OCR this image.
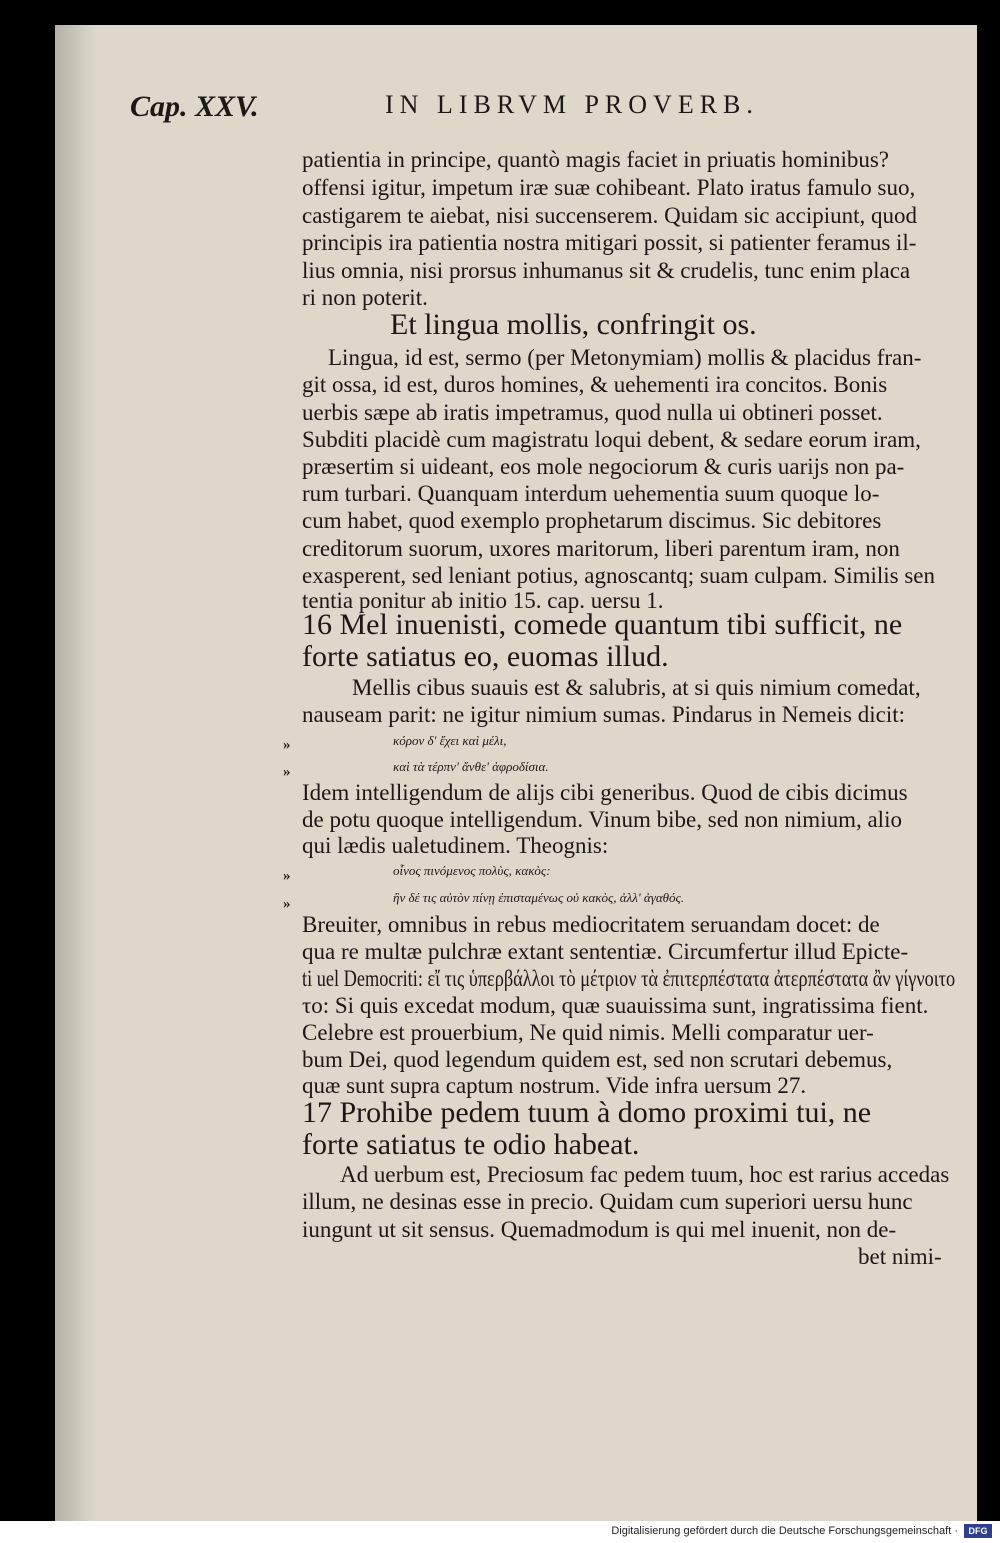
Cap. XXV.	IN LIBRVM PROVERB.
patientia in principe, quantò magis faciet in priuatis hominibus?
offensi igitur, impetum iræ suæ cohibeant. Plato iratus famulo suo,
castigarem te aiebat, nisi succenserem. Quidam sic accipiunt, quod
principis ira patientia nostra mitigari possit, si patienter feramus il-
lius omnia, nisi prorsus inhumanus sit & crudelis, tunc enim placa
ri non poterit.
Et lingua mollis, confringit os.
Lingua, id est, sermo (per Metonymiam) mollis & placidus fran-
git ossa, id est, duros homines, & uehementi ira concitos. Bonis
uerbis sæpe ab iratis impetramus, quod nulla ui obtineri posset.
Subditi placidè cum magistratu loqui debent, & sedare eorum iram,
præsertim si uideant, eos mole negociorum & curis uarijs non pa-
rum turbari. Quanquam interdum uehementia suum quoque lo-
cum habet, quod exemplo prophetarum discimus. Sic debitores
creditorum suorum, uxores maritorum, liberi parentum iram, non
exasperent, sed leniant potius, agnoscantq; suam culpam. Similis sen
tentia ponitur ab initio 15. cap. uersu 1.
16 Mel inuenisti, comede quantum tibi sufficit, ne
forte satiatus eo, euomas illud.
Mellis cibus suauis est & salubris, at si quis nimium comedat,
nauseam parit: ne igitur nimium sumas. Pindarus in Nemeis dicit:
»	κόρον δ' ἔχει καὶ μέλι,
»	καὶ τὰ τέρπν' ἄνθε' ἀφροδίσια.
Idem intelligendum de alijs cibi generibus. Quod de cibis dicimus
de potu quoque intelligendum. Vinum bibe, sed non nimium, alio
qui lædis ualetudinem. Theognis:
»	οἶνος πινόμενος πολὺς, κακὸς:
»	ἢν δέ τις αὐτὸν πίνῃ ἐπισταμένως οὐ κακὸς, ἀλλ' ἀγαθός.
Breuiter, omnibus in rebus mediocritatem seruandam docet: de
qua re multæ pulchræ extant sententiæ. Circumfertur illud Epicte-
ti uel Democriti: εἴ τις ὑπερβάλλοι τὸ μέτριον τὰ ἐπιτερπέστατα ἀτερπέστατα ἂν γίγνοιτο
το: Si quis excedat modum, quæ suauissima sunt, ingratissima fient.
Celebre est prouerbium, Ne quid nimis. Melli comparatur uer-
bum Dei, quod legendum quidem est, sed non scrutari debemus,
quæ sunt supra captum nostrum. Vide infra uersum 27.
17 Prohibe pedem tuum à domo proximi tui, ne
forte satiatus te odio habeat.
Ad uerbum est, Preciosum fac pedem tuum, hoc est rarius accedas
illum, ne desinas esse in precio. Quidam cum superiori uersu hunc
iungunt ut sit sensus. Quemadmodum is qui mel inuenit, non de-
bet nimi-
Digitalisierung gefördert durch die Deutsche Forschungsgemeinschaft ·	DFG
